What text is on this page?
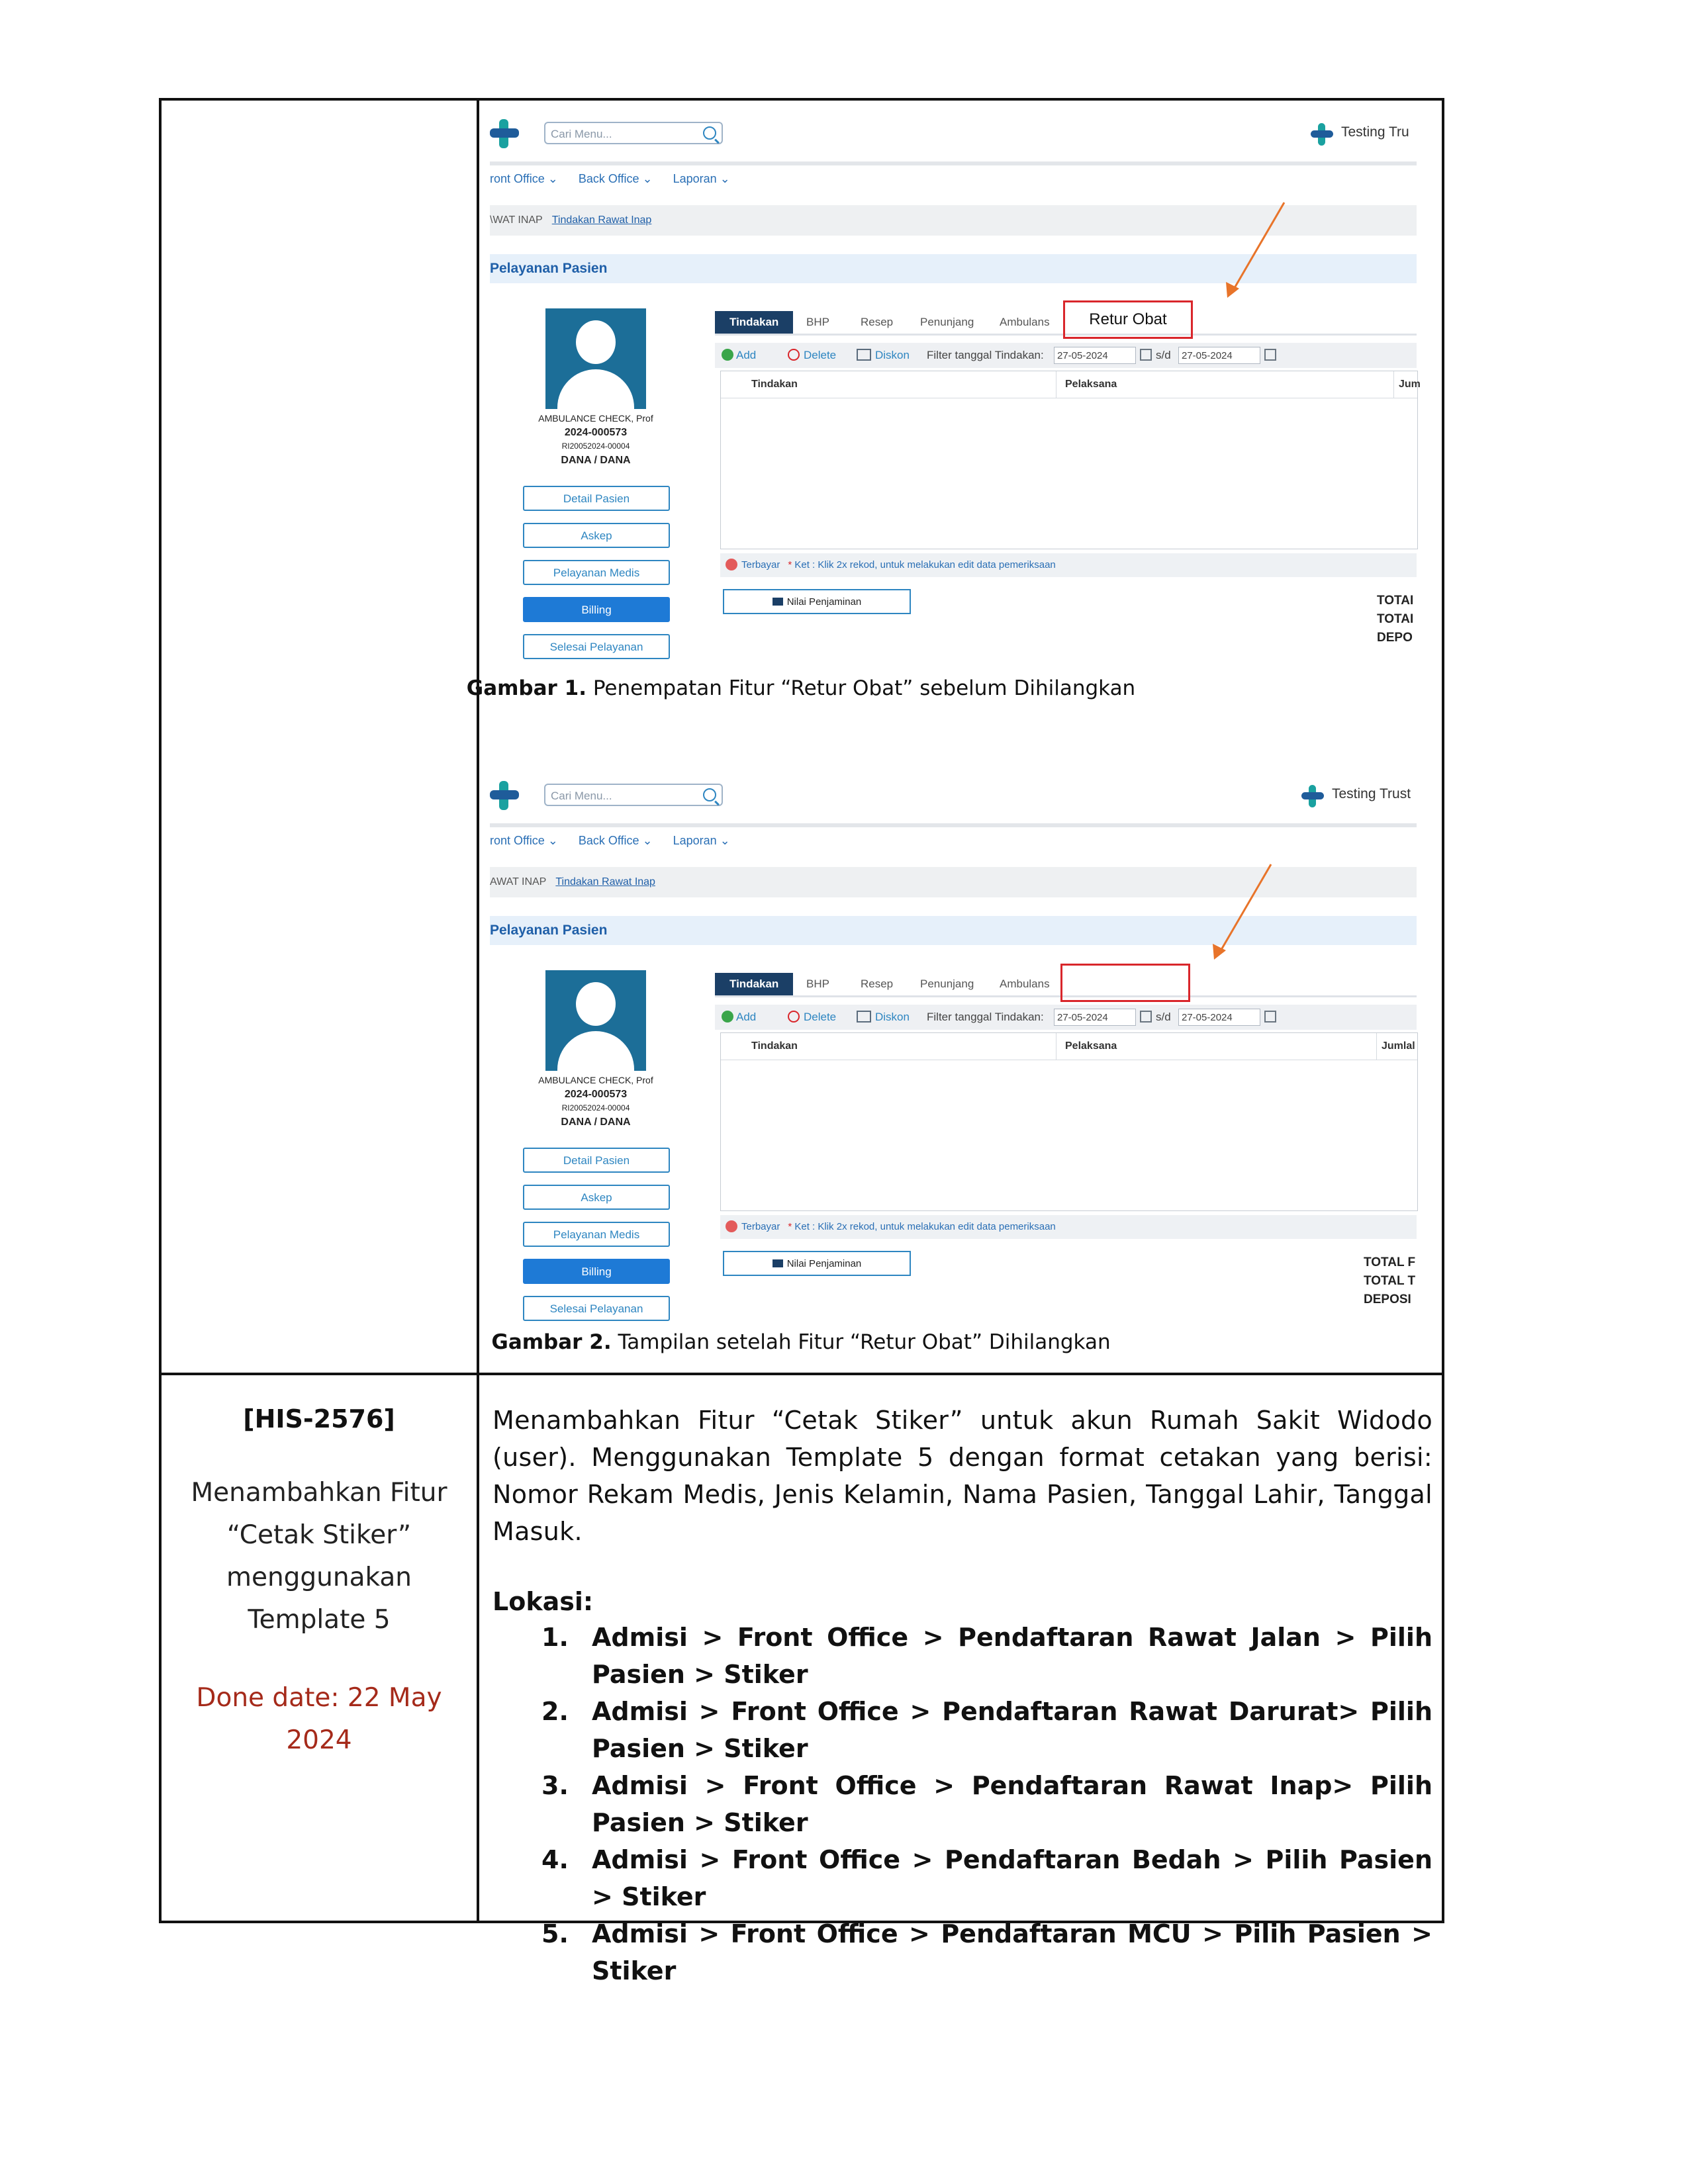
[HIS-2576]
Menambahkan Fitur “Cetak Stiker” menggunakan Template 5
Done date: 22 May 2024
Menambahkan Fitur “Cetak Stiker” untuk akun Rumah Sakit Widodo (user). Menggunakan Template 5 dengan format cetakan yang berisi: Nomor Rekam Medis, Jenis Kelamin, Nama Pasien, Tanggal Lahir, Tanggal Masuk.
Lokasi:
1. Admisi > Front Office > Pendaftaran Rawat Jalan > Pilih Pasien > Stiker
2. Admisi > Front Office > Pendaftaran Rawat Darurat> Pilih Pasien > Stiker
3. Admisi > Front Office > Pendaftaran Rawat Inap> Pilih Pasien > Stiker
4. Admisi > Front Office > Pendaftaran Bedah > Pilih Pasien > Stiker
5. Admisi > Front Office > Pendaftaran MCU > Pilih Pasien > Stiker
Cari Menu...	Testing Tru
ront Office ⌄ Back Office ⌄ Laporan ⌄
\WAT INAP Tindakan Rawat Inap
Pelayanan Pasien
AMBULANCE CHECK, Prof
2024-000573
RI20052024-00004
DANA / DANA
Detail Pasien
Askep
Pelayanan Medis
Billing
Selesai Pelayanan
Tindakan	BHP	Resep Penunjang Ambulans	Retur Obat
Add	Delete	Diskon Filter tanggal Tindakan:	27-05-2024	s/d	27-05-2024
Tindakan	Pelaksana	Jum
Terbayar * Ket : Klik 2x rekod, untuk melakukan edit data pemeriksaan
Nilai Penjaminan	TOTAI
TOTAI
DEPO
Gambar 1. Penempatan Fitur “Retur Obat” sebelum Dihilangkan
Cari Menu...	Testing Trust
ront Office ⌄ Back Office ⌄ Laporan ⌄
AWAT INAP Tindakan Rawat Inap
Pelayanan Pasien
AMBULANCE CHECK, Prof
2024-000573
RI20052024-00004
DANA / DANA
Detail Pasien
Askep
Pelayanan Medis
Billing
Selesai Pelayanan
Tindakan	BHP	Resep Penunjang Ambulans
Add	Delete	Diskon Filter tanggal Tindakan:	27-05-2024	s/d	27-05-2024
Tindakan	Pelaksana	Jumlal
Terbayar * Ket : Klik 2x rekod, untuk melakukan edit data pemeriksaan
Nilai Penjaminan	TOTAL F
TOTAL T
DEPOSI
Gambar 2. Tampilan setelah Fitur “Retur Obat” Dihilangkan
